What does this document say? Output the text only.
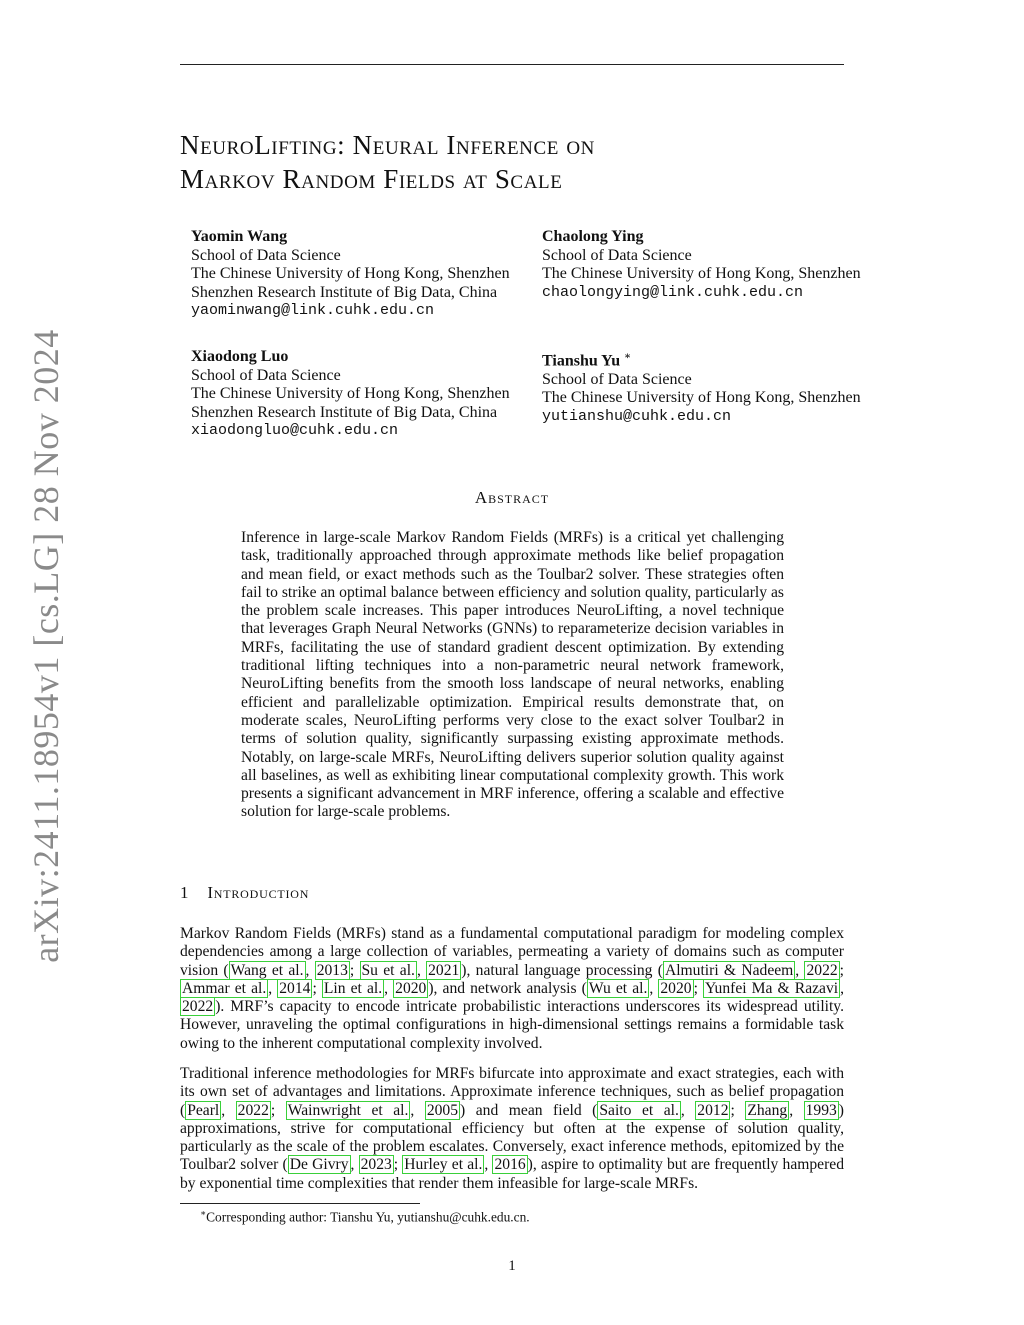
arXiv:2411.18954v1 [cs.LG] 28 Nov 2024
NeuroLifting: Neural Inference on
Markov Random Fields at Scale
Yaomin Wang
School of Data Science
The Chinese University of Hong Kong, Shenzhen
Shenzhen Research Institute of Big Data, China
yaominwang@link.cuhk.edu.cn
Chaolong Ying
School of Data Science
The Chinese University of Hong Kong, Shenzhen
chaolongying@link.cuhk.edu.cn
Xiaodong Luo
School of Data Science
The Chinese University of Hong Kong, Shenzhen
Shenzhen Research Institute of Big Data, China
xiaodongluo@cuhk.edu.cn
Tianshu Yu ∗
School of Data Science
The Chinese University of Hong Kong, Shenzhen
yutianshu@cuhk.edu.cn
Abstract
Inference in large-scale Markov Random Fields (MRFs) is a critical yet challenging task, traditionally approached through approximate methods like belief propagation and mean field, or exact methods such as the Toulbar2 solver. These strategies often fail to strike an optimal balance between efficiency and solution quality, particularly as the problem scale increases. This paper introduces NeuroLifting, a novel technique that leverages Graph Neural Networks (GNNs) to reparameterize decision variables in MRFs, facilitating the use of standard gradient descent optimization. By extending traditional lifting techniques into a non-parametric neural network framework, NeuroLifting benefits from the smooth loss landscape of neural networks, enabling efficient and parallelizable optimization. Empirical results demonstrate that, on moderate scales, NeuroLifting performs very close to the exact solver Toulbar2 in terms of solution quality, significantly surpassing existing approximate methods. Notably, on large-scale MRFs, NeuroLifting delivers superior solution quality against all baselines, as well as exhibiting linear computational complexity growth. This work presents a significant advancement in MRF inference, offering a scalable and effective solution for large-scale problems.
1 Introduction
Markov Random Fields (MRFs) stand as a fundamental computational paradigm for modeling complex dependencies among a large collection of variables, permeating a variety of domains such as computer vision ( Wang et al. , 2013 ; Su et al. , 2021 ), natural language processing ( Almutiri & Nadeem , 2022 ; Ammar et al. , 2014 ; Lin et al. , 2020 ), and network analysis ( Wu et al. , 2020 ; Yunfei Ma & Razavi , 2022 ). MRF’s capacity to encode intricate probabilistic interactions underscores its widespread utility. However, unraveling the optimal configurations in high-dimensional settings remains a formidable task owing to the inherent computational complexity involved.
Traditional inference methodologies for MRFs bifurcate into approximate and exact strategies, each with its own set of advantages and limitations. Approximate inference techniques, such as belief propagation ( Pearl , 2022 ; Wainwright et al. , 2005 ) and mean field ( Saito et al. , 2012 ; Zhang , 1993 ) approximations, strive for computational efficiency but often at the expense of solution quality, particularly as the scale of the problem escalates. Conversely, exact inference methods, epitomized by the Toulbar2 solver ( De Givry , 2023 ; Hurley et al. , 2016 ), aspire to optimality but are frequently hampered by exponential time complexities that render them infeasible for large-scale MRFs.
∗Corresponding author: Tianshu Yu, yutianshu@cuhk.edu.cn.
1
